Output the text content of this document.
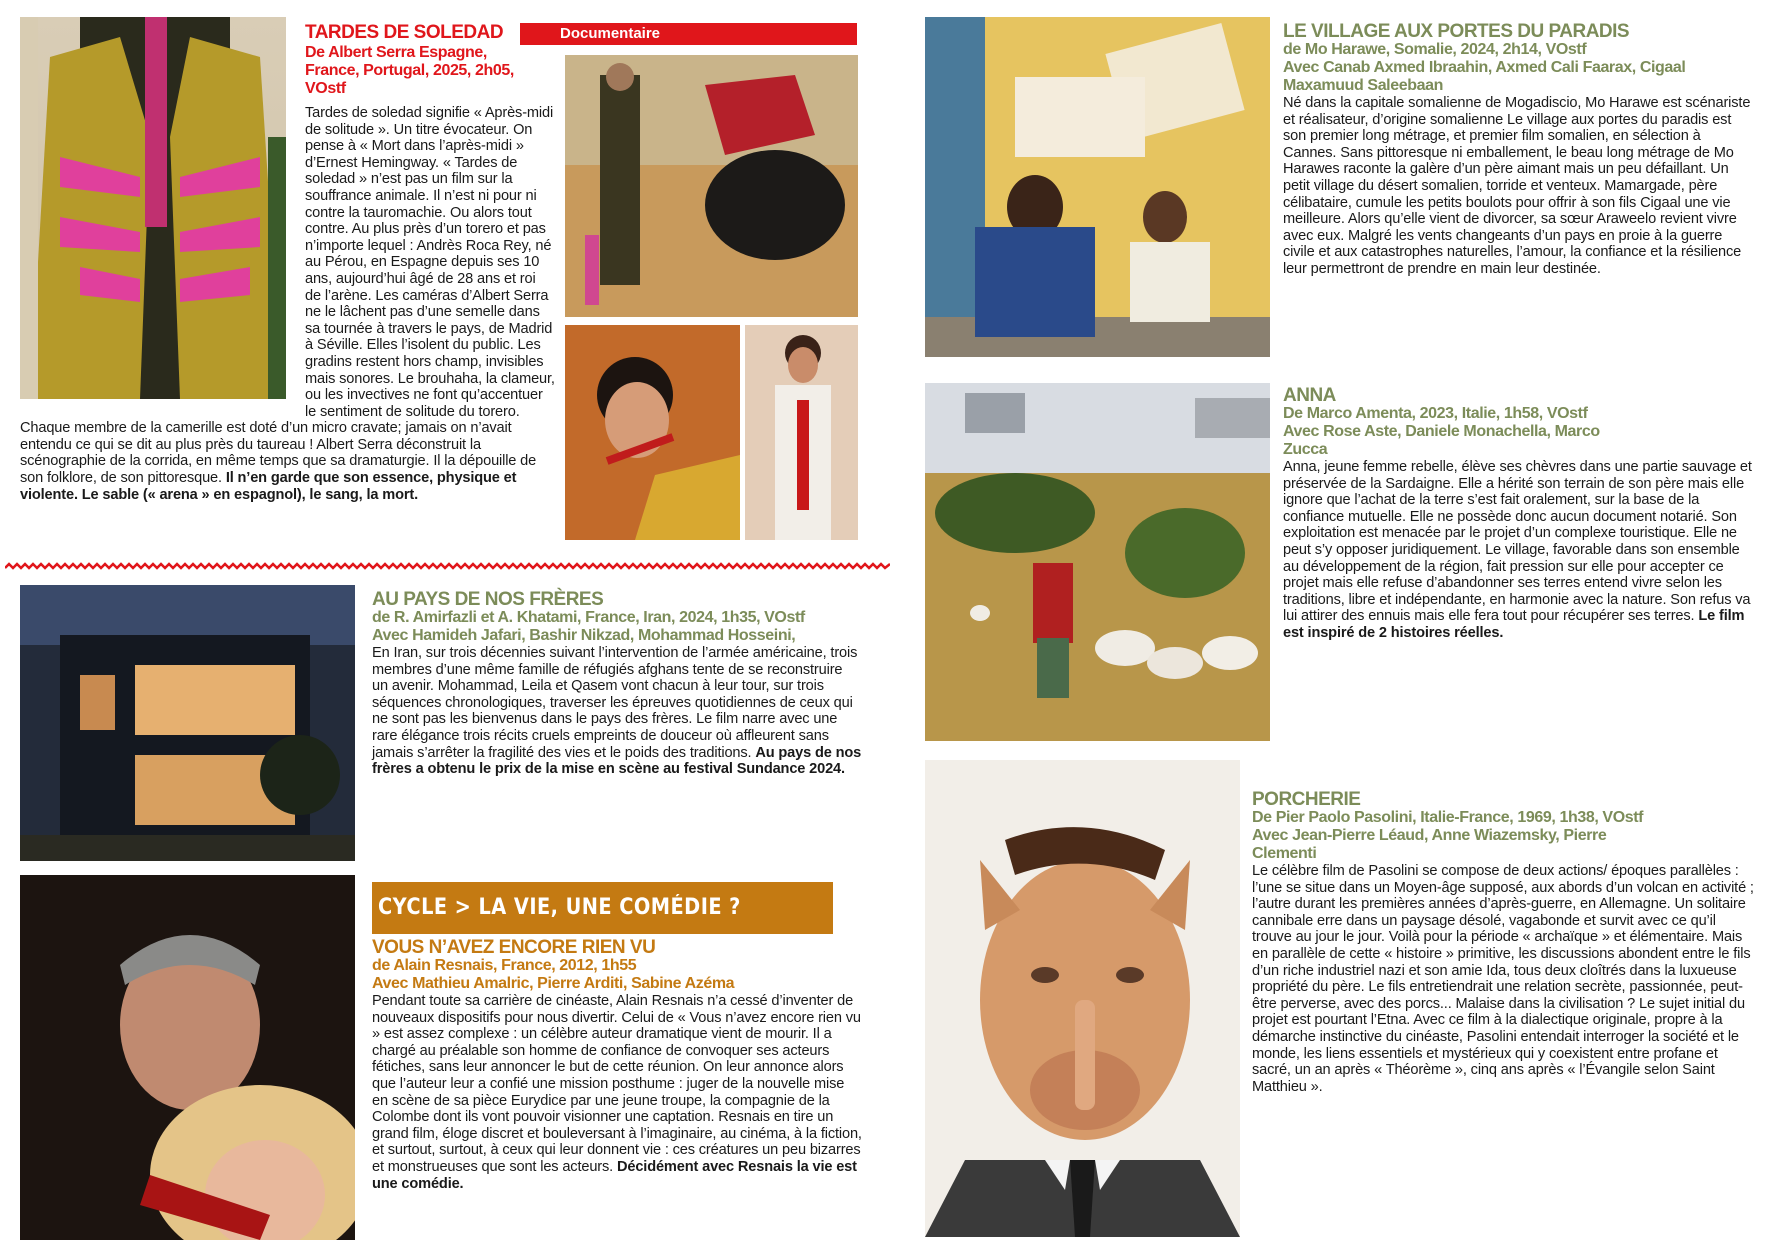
Documentaire
TARDES DE SOLEDAD

De Albert Serra Espagne, France, Portugal, 2025, 2h05, VOstf

Tardes de soledad signifie « Après-midi de solitude ». Un titre évocateur. On pense à « Mort dans l’après-midi » d’Ernest Hemingway. « Tardes de soledad » n’est pas un film sur la souffrance animale. Il n’est ni pour ni contre la tauromachie. Ou alors tout contre. Au plus près d’un torero et pas n’importe lequel : Andrès Roca Rey, né au Pérou, en Espagne depuis ses 10 ans, aujourd’hui âgé de 28 ans et roi de l’arène. Les caméras d’Albert Serra ne le lâchent pas d’une semelle dans sa tournée à travers le pays, de Madrid à Séville. Elles l’isolent du public. Les gradins restent hors champ, invisibles mais sonores. Le brouhaha, la clameur, ou les invectives ne font qu’accentuer le sentiment de solitude du torero. Chaque membre de la camerille est doté d’un micro cravate; jamais on n’avait entendu ce qui se dit au plus près du taureau ! Albert Serra déconstruit la scénographie de la corrida, en même temps que sa dramaturgie. Il la dépouille de son folklore, de son pittoresque. Il n’en garde que son essence, physique et violente. Le sable (« arena » en espagnol), le sang, la mort.

AU PAYS DE NOS FRÈRES

de R. Amirfazli et A. Khatami, France, Iran, 2024, 1h35, VOstf

Avec Hamideh Jafari, Bashir Nikzad, Mohammad Hosseini,

En Iran, sur trois décennies suivant l’intervention de l’armée américaine, trois membres d’une même famille de réfugiés afghans tente de se reconstruire un avenir. Mohammad, Leila et Qasem vont chacun à leur tour, sur trois séquences chronologiques, traverser les épreuves quotidiennes de ceux qui ne sont pas les bienvenus dans le pays des frères. Le film narre avec une rare élégance trois récits cruels empreints de douceur où affleurent sans jamais s’arrêter la fragilité des vies et le poids des traditions. Au pays de nos frères a obtenu le prix de la mise en scène au festival Sundance 2024.

CYCLE > LA VIE, UNE COMÉDIE ?
VOUS N’AVEZ ENCORE RIEN VU

de Alain Resnais, France, 2012, 1h55

Avec Mathieu Amalric, Pierre Arditi, Sabine Azéma

Pendant toute sa carrière de cinéaste, Alain Resnais n’a cessé d’inventer de nouveaux dispositifs pour nous divertir. Celui de « Vous n’avez encore rien vu » est assez complexe : un célèbre auteur dramatique vient de mourir. Il a chargé au préalable son homme de confiance de convoquer ses acteurs fétiches, sans leur annoncer le but de cette réunion. On leur annonce alors que l’auteur leur a confié une mission posthume : juger de la nouvelle mise en scène de sa pièce Eurydice par une jeune troupe, la compagnie de la Colombe dont ils vont pouvoir visionner une captation. Resnais en tire un grand film, éloge discret et bouleversant à l’imaginaire, au cinéma, à la fiction, et surtout, surtout, à ceux qui leur donnent vie : ces créatures un peu bizarres et monstrueuses que sont les acteurs. Décidément avec Resnais la vie est une comédie.

LE VILLAGE AUX PORTES DU PARADIS

de Mo Harawe, Somalie, 2024, 2h14, VOstf

Avec Canab Axmed Ibraahin, Axmed Cali Faarax, Cigaal Maxamuud Saleebaan

Né dans la capitale somalienne de Mogadiscio, Mo Harawe est scénariste et réalisateur, d’origine somalienne Le village aux portes du paradis est son premier long métrage, et premier film somalien, en sélection à Cannes. Sans pittoresque ni emballement, le beau long métrage de Mo Harawes raconte la galère d’un père aimant mais un peu défaillant. Un petit village du désert somalien, torride et venteux. Mamargade, père célibataire, cumule les petits boulots pour offrir à son fils Cigaal une vie meilleure. Alors qu’elle vient de divorcer, sa sœur Araweelo revient vivre avec eux. Malgré les vents changeants d’un pays en proie à la guerre civile et aux catastrophes naturelles, l’amour, la confiance et la résilience leur permettront de prendre en main leur destinée.

ANNA

De Marco Amenta, 2023, Italie, 1h58, VOstf

Avec Rose Aste, Daniele Monachella, Marco Zucca

Anna, jeune femme rebelle, élève ses chèvres dans une partie sauvage et préservée de la Sardaigne. Elle a hérité son terrain de son père mais elle ignore que l’achat de la terre s’est fait oralement, sur la base de la confiance mutuelle. Elle ne possède donc aucun document notarié. Son exploitation est menacée par le projet d’un complexe touristique. Elle ne peut s’y opposer juridiquement. Le village, favorable dans son ensemble au développement de la région, fait pression sur elle pour accepter ce projet mais elle refuse d’abandonner ses terres entend vivre selon les traditions, libre et indépendante, en harmonie avec la nature. Son refus va lui attirer des ennuis mais elle fera tout pour récupérer ses terres. Le film est inspiré de 2 histoires réelles.

PORCHERIE

De Pier Paolo Pasolini, Italie-France, 1969, 1h38, VOstf

Avec Jean-Pierre Léaud, Anne Wiazemsky, Pierre Clementi

Le célèbre film de Pasolini se compose de deux actions/ époques parallèles : l’une se situe dans un Moyen-âge supposé, aux abords d’un volcan en activité ; l’autre durant les premières années d’après-guerre, en Allemagne. Un solitaire cannibale erre dans un paysage désolé, vagabonde et survit avec ce qu’il trouve au jour le jour. Voilà pour la période « archaïque » et élémentaire. Mais en parallèle de cette « histoire » primitive, les discussions abondent entre le fils d’un riche industriel nazi et son amie Ida, tous deux cloîtrés dans la luxueuse propriété du père. Le fils entretiendrait une relation secrète, passionnée, peut-être perverse, avec des porcs... Malaise dans la civilisation ? Le sujet initial du projet est pourtant l’Etna. Avec ce film à la dialectique originale, propre à la démarche instinctive du cinéaste, Pasolini entendait interroger la société et le monde, les liens essentiels et mystérieux qui y coexistent entre profane et sacré, un an après « Théorème », cinq ans après « l’Évangile selon Saint Matthieu ».
